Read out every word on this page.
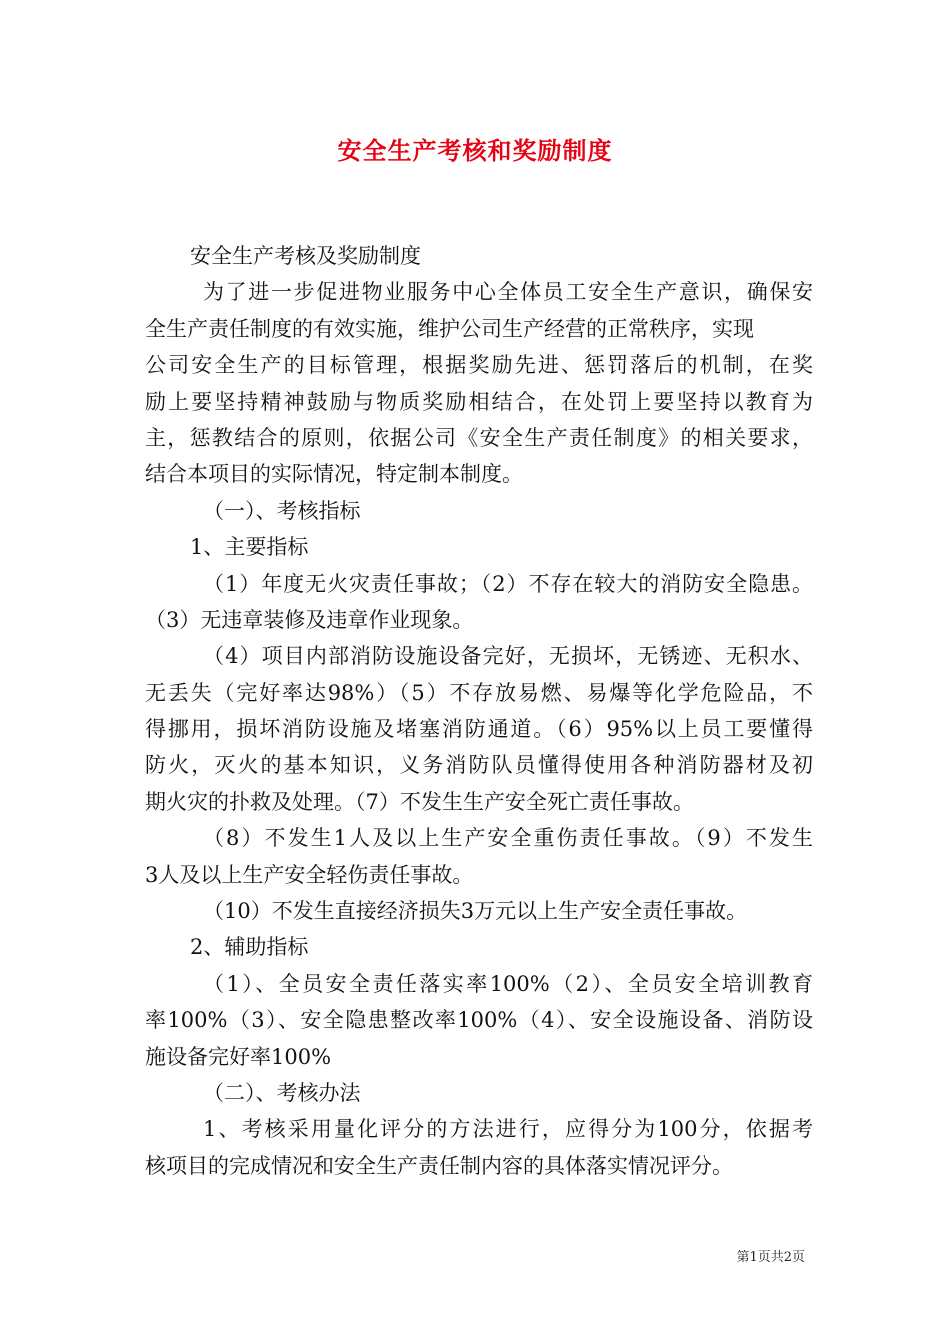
安全生产考核和奖励制度
安全生产考核及奖励制度
为了进一步促进物业服务中心全体员工安全生产意识，确保安
全生产责任制度的有效实施，维护公司生产经营的正常秩序，实现
公司安全生产的目标管理，根据奖励先进、惩罚落后的机制，在奖
励上要坚持精神鼓励与物质奖励相结合，在处罚上要坚持以教育为
主，惩教结合的原则，依据公司《安全生产责任制度》的相关要求，
结合本项目的实际情况，特定制本制度。
（一）、考核指标
1、主要指标
（1）年度无火灾责任事故；（2）不存在较大的消防安全隐患。
（3）无违章装修及违章作业现象。
（4）项目内部消防设施设备完好，无损坏，无锈迹、无积水、
无丢失（完好率达98%）（5）不存放易燃、易爆等化学危险品，不
得挪用，损坏消防设施及堵塞消防通道。（6）95%以上员工要懂得
防火，灭火的基本知识，义务消防队员懂得使用各种消防器材及初
期火灾的扑救及处理。（7）不发生生产安全死亡责任事故。
（8）不发生1人及以上生产安全重伤责任事故。（9）不发生
3人及以上生产安全轻伤责任事故。
（10）不发生直接经济损失3万元以上生产安全责任事故。
2、辅助指标
（1）、全员安全责任落实率100%（2）、全员安全培训教育
率100%（3）、安全隐患整改率100%（4）、安全设施设备、消防设
施设备完好率100%
（二）、考核办法
1、考核采用量化评分的方法进行，应得分为100分，依据考
核项目的完成情况和安全生产责任制内容的具体落实情况评分。
第1页共2页
